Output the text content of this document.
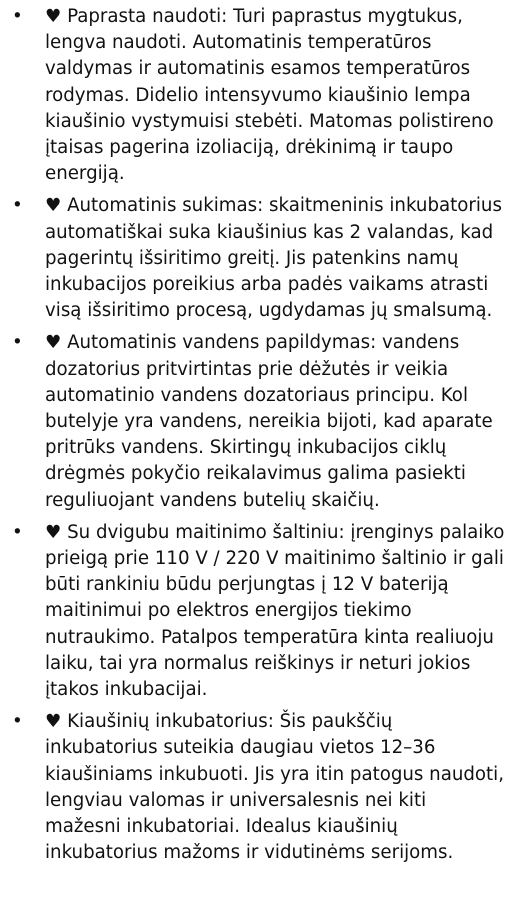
• ♥ Paprasta naudoti: Turi paprastus mygtukus, lengva naudoti. Automatinis temperatūros valdymas ir automatinis esamos temperatūros rodymas. Didelio intensyvumo kiaušinio lempa kiaušinio vystymuisi stebėti. Matomas polistireno įtaisas pagerina izoliaciją, drėkinimą ir taupo energiją.
• ♥ Automatinis sukimas: skaitmeninis inkubatorius automatiškai suka kiaušinius kas 2 valandas, kad pagerintų išsiritimo greitį. Jis patenkins namų inkubacijos poreikius arba padės vaikams atrasti visą išsiritimo procesą, ugdydamas jų smalsumą.
• ♥ Automatinis vandens papildymas: vandens dozatorius pritvirtintas prie dėžutės ir veikia automatinio vandens dozatoriaus principu. Kol butelyje yra vandens, nereikia bijoti, kad aparate pritrūks vandens. Skirtingų inkubacijos ciklų drėgmės pokyčio reikalavimus galima pasiekti reguliuojant vandens butelių skaičių.
• ♥ Su dvigubu maitinimo šaltiniu: įrenginys palaiko prieigą prie 110 V / 220 V maitinimo šaltinio ir gali būti rankiniu būdu perjungtas į 12 V bateriją maitinimui po elektros energijos tiekimo nutraukimo. Patalpos temperatūra kinta realiuoju laiku, tai yra normalus reiškinys ir neturi jokios įtakos inkubacijai.
• ♥ Kiaušinių inkubatorius: Šis paukščių inkubatorius suteikia daugiau vietos 12–36 kiaušiniams inkubuoti. Jis yra itin patogus naudoti, lengviau valomas ir universalesnis nei kiti mažesni inkubatoriai. Idealus kiaušinių inkubatorius mažoms ir vidutinėms serijoms.
